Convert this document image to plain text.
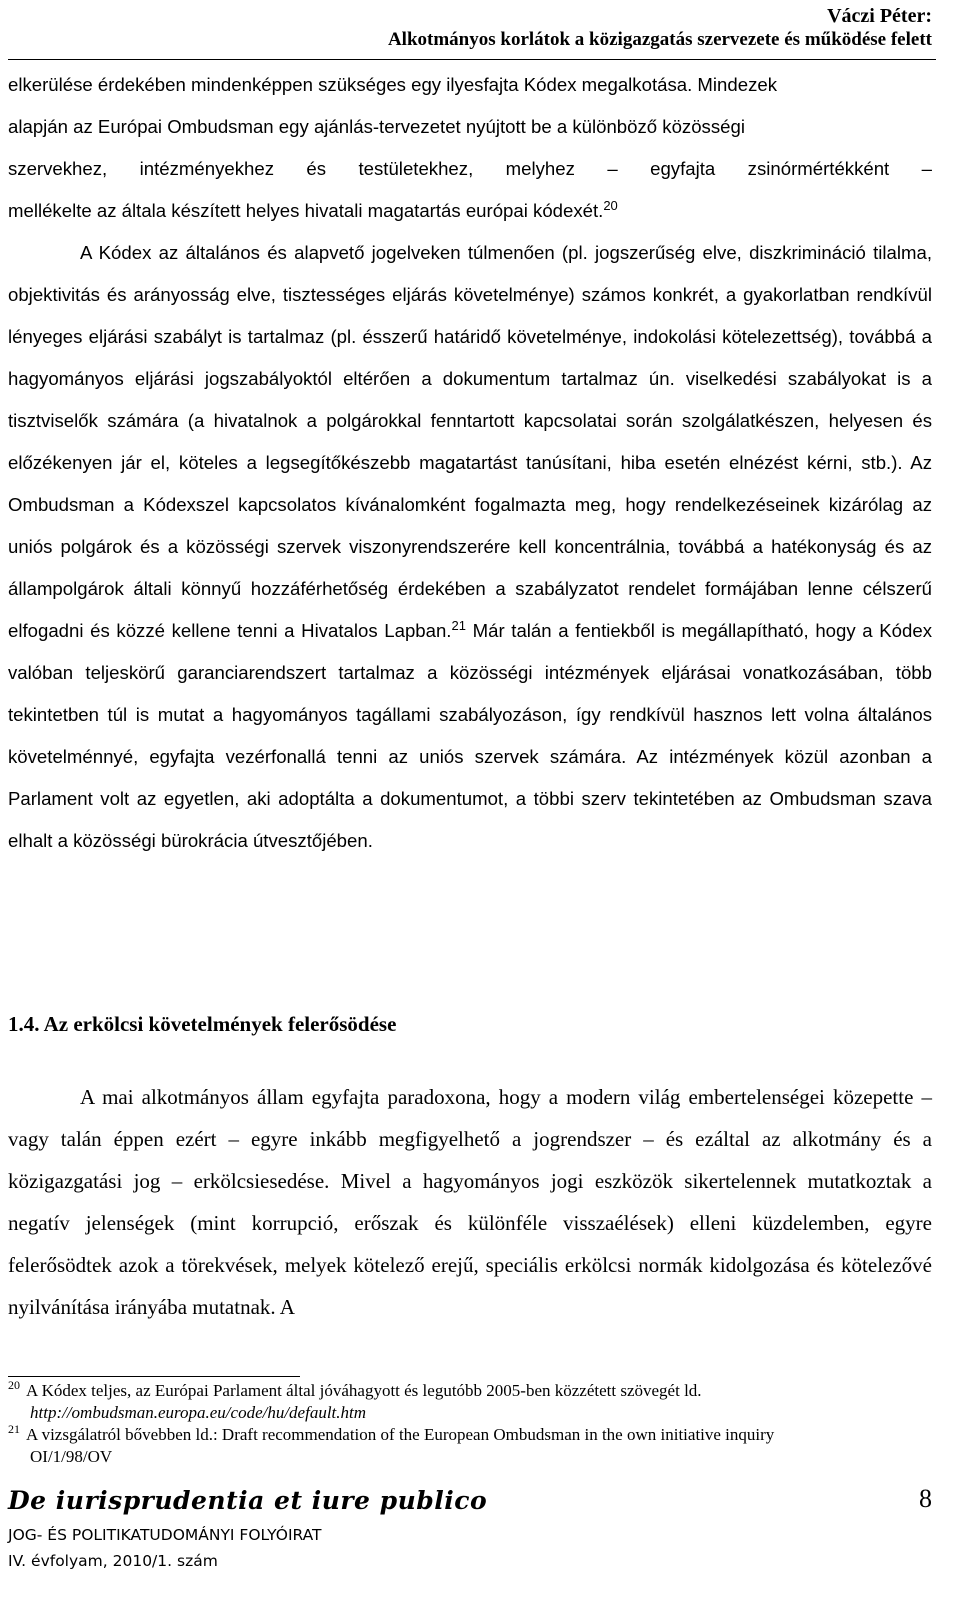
Váczi Péter:
Alkotmányos korlátok a közigazgatás szervezete és működése felett

elkerülése érdekében mindenképpen szükséges egy ilyesfajta Kódex megalkotása. Mindezek

alapján az Európai Ombudsman egy ajánlás-tervezetet nyújtott be a különböző közösségi

szervekhez, intézményekhez és testületekhez, melyhez – egyfajta zsinórmértékként –

mellékelte az általa készített helyes hivatali magatartás európai kódexét.$^{20}$

A Kódex az általános és alapvető jogelveken túlmenően (pl. jogszerűség elve, diszkrimináció tilalma, objektivitás és arányosság elve, tisztességes eljárás követelménye) számos konkrét, a gyakorlatban rendkívül lényeges eljárási szabályt is tartalmaz (pl. ésszerű határidő követelménye, indokolási kötelezettség), továbbá a hagyományos eljárási jogszabályoktól eltérően a dokumentum tartalmaz ún. viselkedési szabályokat is a tisztviselők számára (a hivatalnok a polgárokkal fenntartott kapcsolatai során szolgálatkészen, helyesen és előzékenyen jár el, köteles a legsegítőkészebb magatartást tanúsítani, hiba esetén elnézést kérni, stb.). Az Ombudsman a Kódexszel kapcsolatos kívánalomként fogalmazta meg, hogy rendelkezéseinek kizárólag az uniós polgárok és a közösségi szervek viszonyrendszerére kell koncentrálnia, továbbá a hatékonyság és az állampolgárok általi könnyű hozzáférhetőség érdekében a szabályzatot rendelet formájában lenne célszerű elfogadni és közzé kellene tenni a Hivatalos Lapban.$^{21}$ Már talán a fentiekből is megállapítható, hogy a Kódex valóban teljeskörű garanciarendszert tartalmaz a közösségi intézmények eljárásai vonatkozásában, több tekintetben túl is mutat a hagyományos tagállami szabályozáson, így rendkívül hasznos lett volna általános követelménnyé, egyfajta vezérfonallá tenni az uniós szervek számára. Az intézmények közül azonban a Parlament volt az egyetlen, aki adoptálta a dokumentumot, a többi szerv tekintetében az Ombudsman szava elhalt a közösségi bürokrácia útvesztőjében.

1.4. Az erkölcsi követelmények felerősödése

A mai alkotmányos állam egyfajta paradoxona, hogy a modern világ embertelenségei közepette – vagy talán éppen ezért – egyre inkább megfigyelhető a jogrendszer – és ezáltal az alkotmány és a közigazgatási jog – erkölcsiesedése. Mivel a hagyományos jogi eszközök sikertelennek mutatkoztak a negatív jelenségek (mint korrupció, erőszak és különféle visszaélések) elleni küzdelemben, egyre felerősödtek azok a törekvések, melyek kötelező erejű, speciális erkölcsi normák kidolgozása és kötelezővé nyilvánítása irányába mutatnak. A

$^{20}$ A Kódex teljes, az Európai Parlament által jóváhagyott és legutóbb 2005-ben közzétett szövegét ld.
http://ombudsman.europa.eu/code/hu/default.htm
$^{21}$ A vizsgálatról bővebben ld.: Draft recommendation of the European Ombudsman in the own initiative inquiry
OI/1/98/OV
De iurisprudentia et iure publico
JOG- ÉS POLITIKATUDOMÁNYI FOLYÓIRAT
IV. évfolyam, 2010/1. szám
8
